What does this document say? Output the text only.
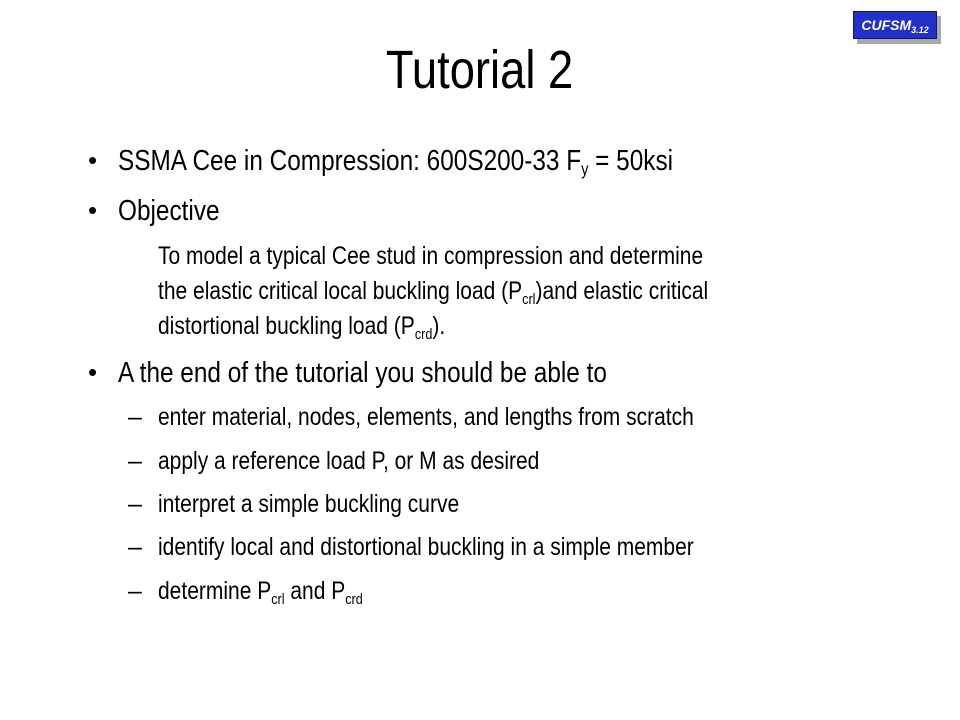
$CUFSM_{3.12}$
Tutorial 2
• SSMA Cee in Compression: 600S200-33 $F_y = 50ksi$
• Objective
To model a typical Cee stud in compression and determine
the elastic critical local buckling load $(P_{crl})and$ elastic critical
distortional buckling load $(P_{crd})$.
• A the end of the tutorial you should be able to
– enter material, nodes, elements, and lengths from scratch
– apply a reference load P, or M as desired
– interpret a simple buckling curve
– identify local and distortional buckling in a simple member
– determine $P_{crl}$ and $P_{crd}$
